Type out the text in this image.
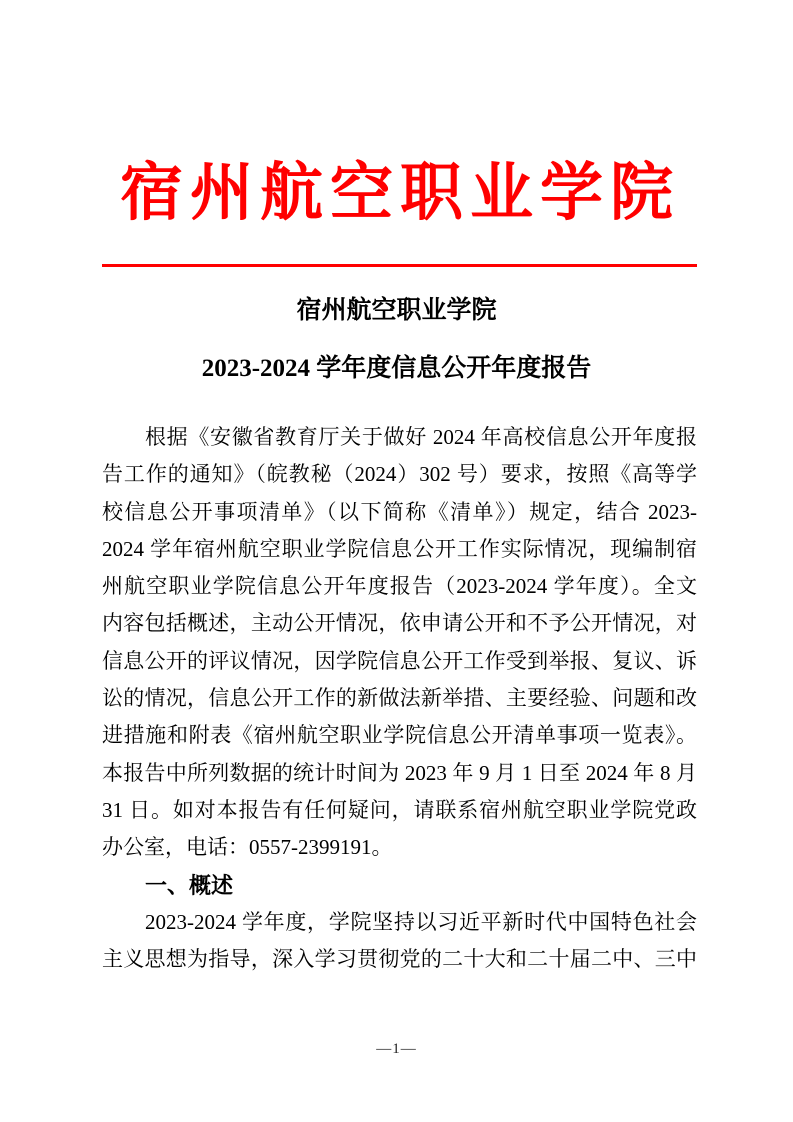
宿州航空职业学院
宿州航空职业学院
2023-2024 学年度信息公开年度报告
根据《安徽省教育厅关于做好 2024 年高校信息公开年度报
告工作的通知》（皖教秘（2024）302 号）要求，按照《高等学
校信息公开事项清单》（以下简称《清单》）规定，结合 2023-
2024 学年宿州航空职业学院信息公开工作实际情况，现编制宿
州航空职业学院信息公开年度报告（2023-2024 学年度）。全文
内容包括概述，主动公开情况，依申请公开和不予公开情况，对
信息公开的评议情况，因学院信息公开工作受到举报、复议、诉
讼的情况，信息公开工作的新做法新举措、主要经验、问题和改
进措施和附表《宿州航空职业学院信息公开清单事项一览表》。
本报告中所列数据的统计时间为 2023 年 9 月 1 日至 2024 年 8 月
31 日。如对本报告有任何疑问，请联系宿州航空职业学院党政
办公室，电话：0557-2399191。
一、概述
2023-2024 学年度，学院坚持以习近平新时代中国特色社会
主义思想为指导，深入学习贯彻党的二十大和二十届二中、三中
—1—
